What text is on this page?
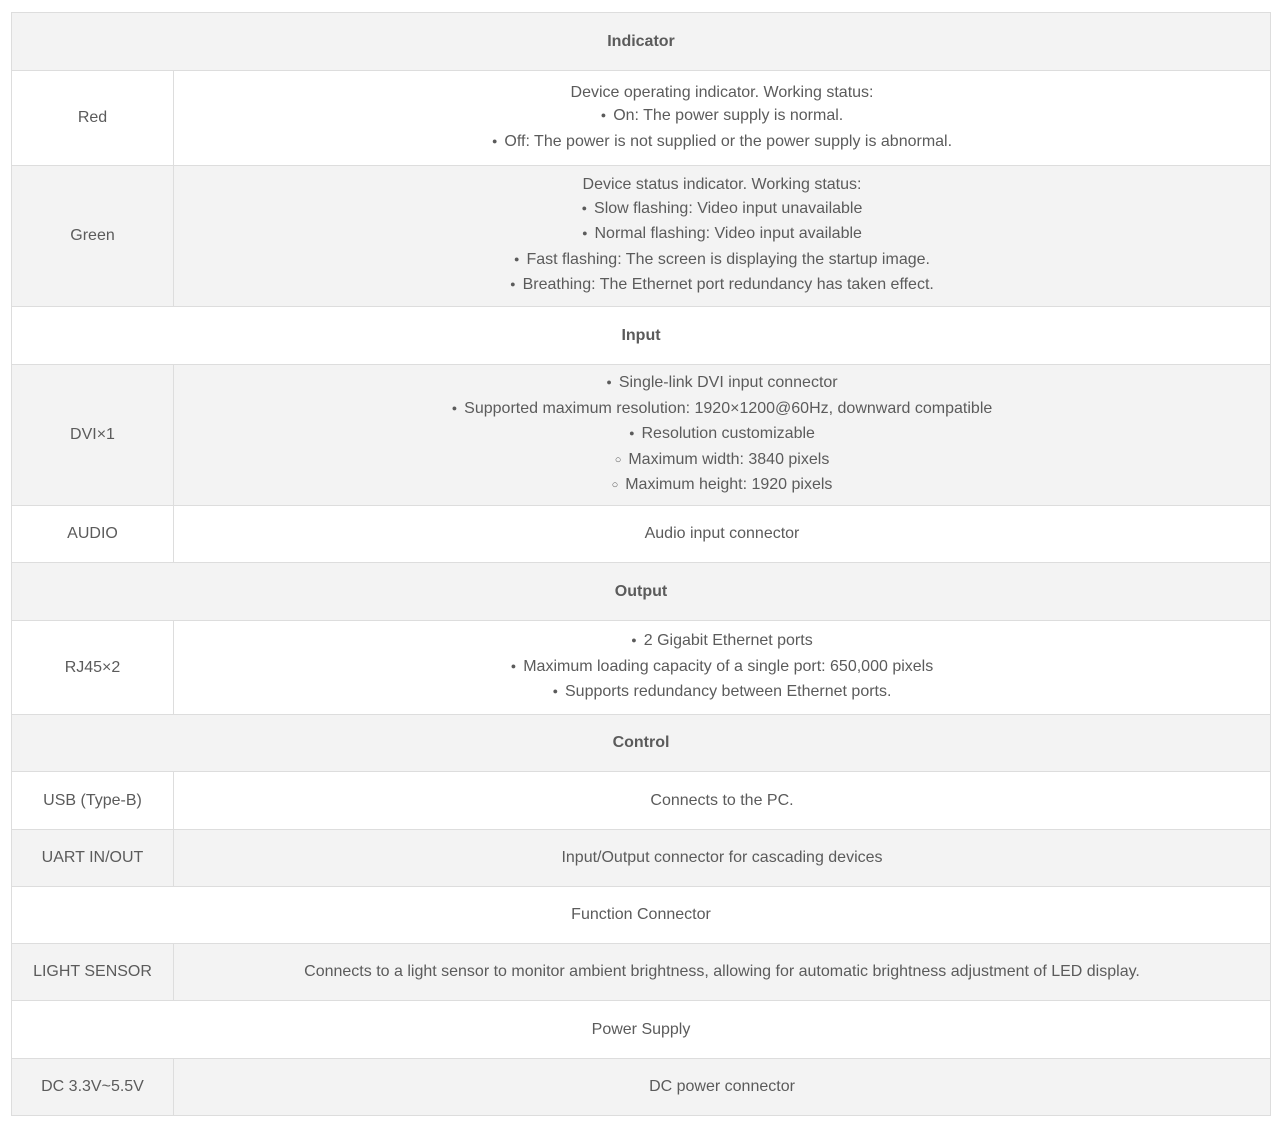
Indicator	
Red	Device operating indicator. Working status:
● On: The power supply is normal.
● Off: The power is not supplied or the power supply is abnormal.

Green	Device status indicator. Working status:
● Slow flashing: Video input unavailable
● Normal flashing: Video input available
● Fast flashing: The screen is displaying the startup image.
● Breathing: The Ethernet port redundancy has taken effect.

Input	
DVI×1	● Single-link DVI input connector
● Supported maximum resolution: 1920×1200@60Hz, downward compatible
● Resolution customizable
○ Maximum width: 3840 pixels
○ Maximum height: 1920 pixels

AUDIO	Audio input connector
Output	
RJ45×2	● 2 Gigabit Ethernet ports
● Maximum loading capacity of a single port: 650,000 pixels
● Supports redundancy between Ethernet ports.

Control	
USB (Type-B)	Connects to the PC.
UART IN/OUT	Input/Output connector for cascading devices
Function Connector	
LIGHT SENSOR	Connects to a light sensor to monitor ambient brightness, allowing for automatic brightness adjustment of LED display.
Power Supply	
DC 3.3V~5.5V	DC power connector
